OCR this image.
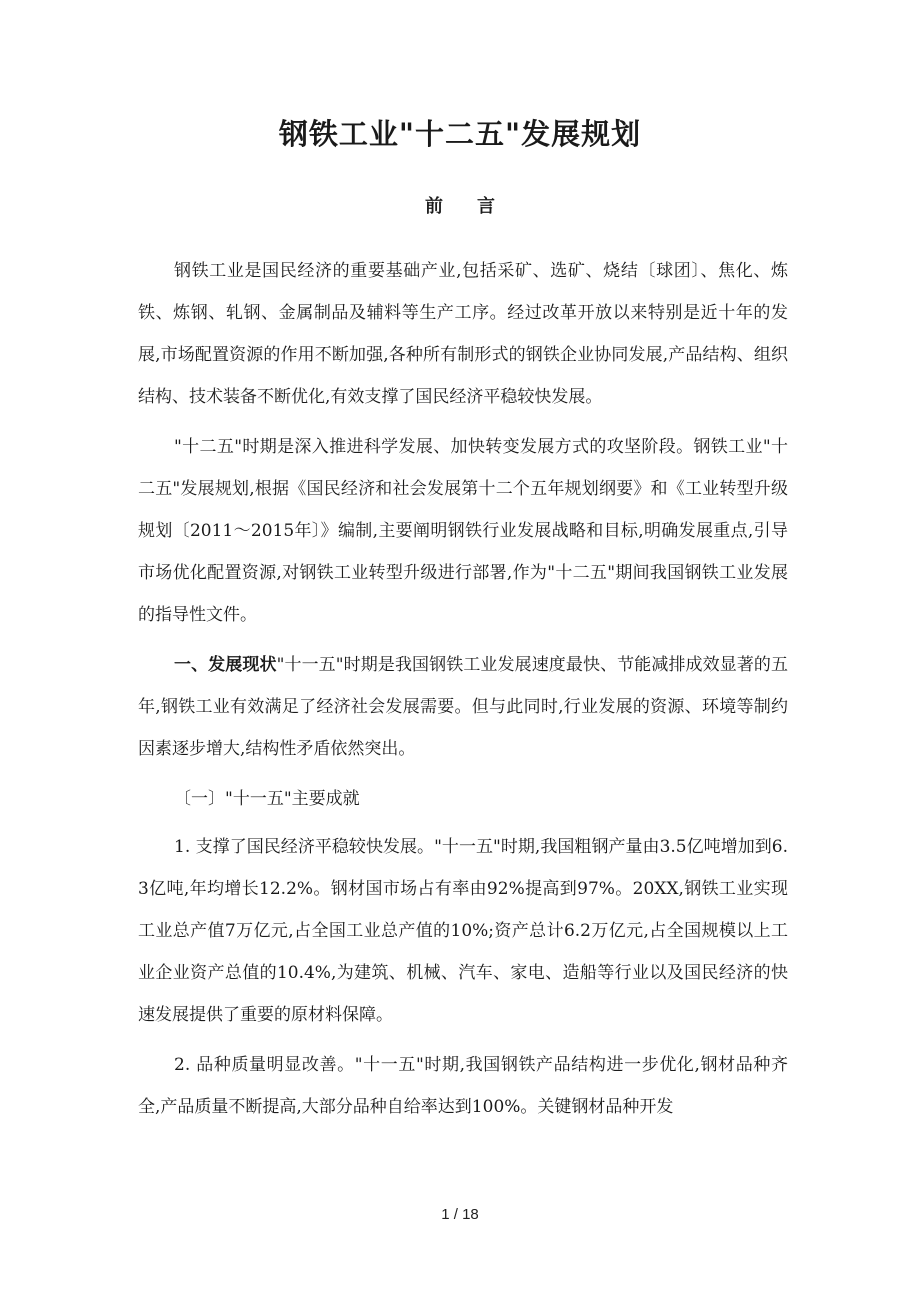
钢铁工业"十二五"发展规划
前言

钢铁工业是国民经济的重要基础产业,包括采矿、选矿、烧结〔球团〕、焦化、炼铁、炼钢、轧钢、金属制品及辅料等生产工序。经过改革开放以来特别是近十年的发展,市场配置资源的作用不断加强,各种所有制形式的钢铁企业协同发展,产品结构、组织结构、技术装备不断优化,有效支撑了国民经济平稳较快发展。

"十二五"时期是深入推进科学发展、加快转变发展方式的攻坚阶段。钢铁工业"十二五"发展规划,根据《国民经济和社会发展第十二个五年规划纲要》和《工业转型升级规划〔2011～2015年〕》编制,主要阐明钢铁行业发展战略和目标,明确发展重点,引导市场优化配置资源,对钢铁工业转型升级进行部署,作为"十二五"期间我国钢铁工业发展的指导性文件。

一、发展现状"十一五"时期是我国钢铁工业发展速度最快、节能减排成效显著的五年,钢铁工业有效满足了经济社会发展需要。但与此同时,行业发展的资源、环境等制约因素逐步增大,结构性矛盾依然突出。

〔一〕"十一五"主要成就

1. 支撑了国民经济平稳较快发展。"十一五"时期,我国粗钢产量由3.5亿吨增加到6.3亿吨,年均增长12.2%。钢材国市场占有率由92%提高到97%。20XX,钢铁工业实现工业总产值7万亿元,占全国工业总产值的10%;资产总计6.2万亿元,占全国规模以上工业企业资产总值的10.4%,为建筑、机械、汽车、家电、造船等行业以及国民经济的快速发展提供了重要的原材料保障。

2. 品种质量明显改善。"十一五"时期,我国钢铁产品结构进一步优化,钢材品种齐全,产品质量不断提高,大部分品种自给率达到100%。关键钢材品种开发

1 / 18
